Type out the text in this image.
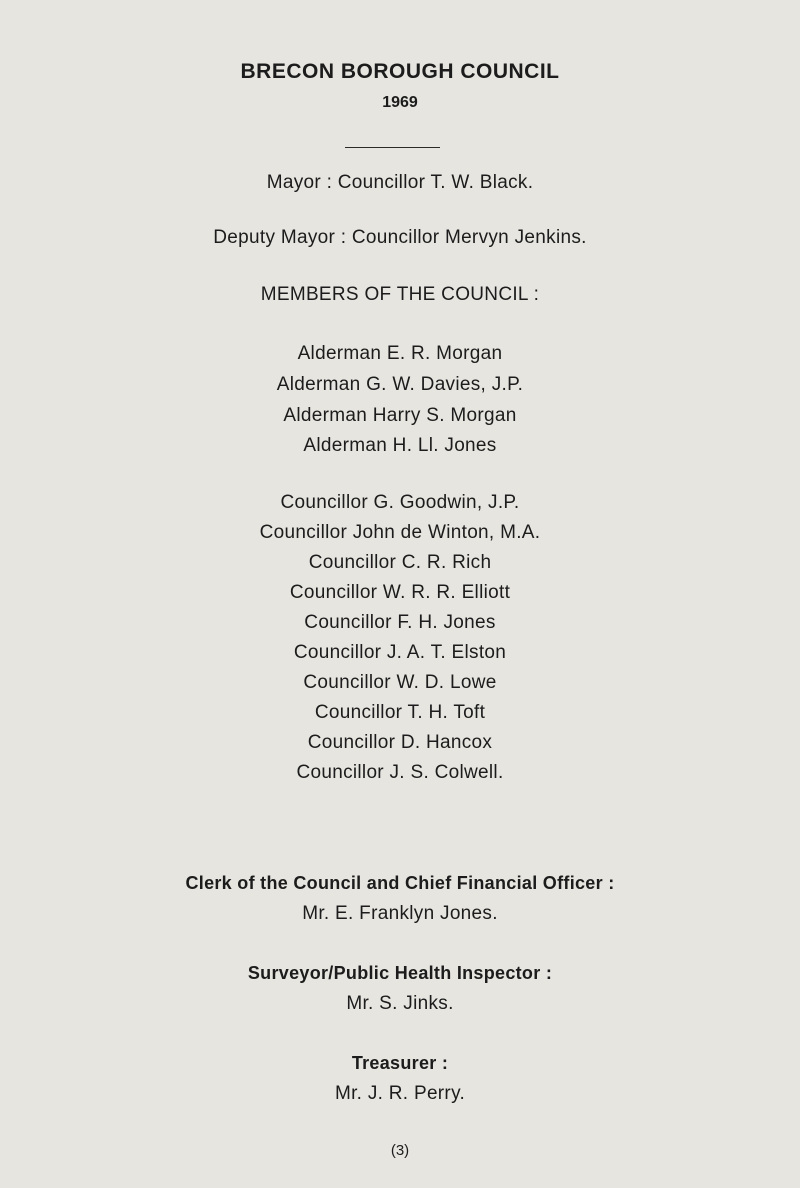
BRECON BOROUGH COUNCIL
1969
Mayor : Councillor T. W. Black.
Deputy Mayor : Councillor Mervyn Jenkins.
MEMBERS OF THE COUNCIL :
Alderman E. R. Morgan
Alderman G. W. Davies, J.P.
Alderman Harry S. Morgan
Alderman H. Ll. Jones
Councillor G. Goodwin, J.P.
Councillor John de Winton, M.A.
Councillor C. R. Rich
Councillor W. R. R. Elliott
Councillor F. H. Jones
Councillor J. A. T. Elston
Councillor W. D. Lowe
Councillor T. H. Toft
Councillor D. Hancox
Councillor J. S. Colwell.
Clerk of the Council and Chief Financial Officer :
Mr. E. Franklyn Jones.
Surveyor/Public Health Inspector :
Mr. S. Jinks.
Treasurer :
Mr. J. R. Perry.
(3)
